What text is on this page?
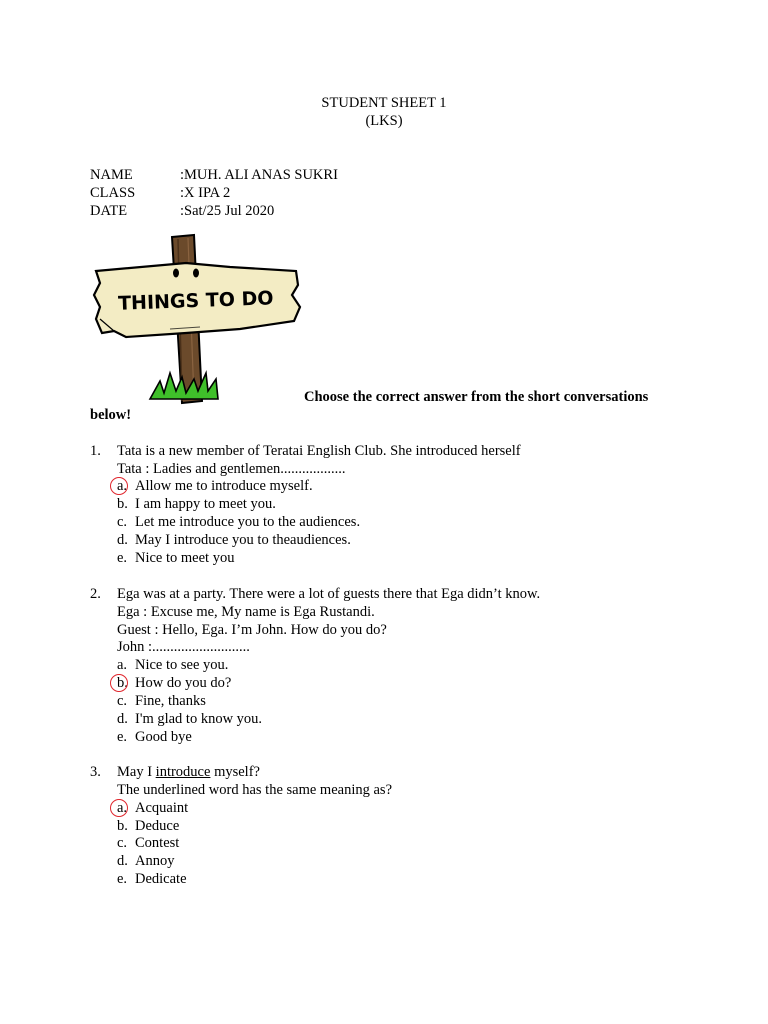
STUDENT SHEET 1
(LKS)
NAME	:MUH. ALI ANAS SUKRI
CLASS	:X IPA 2
DATE	:Sat/25 Jul 2020
THINGS TO DO
Choose the correct answer from the short conversations
below!
1. Tata is a new member of Teratai English Club. She introduced herself
Tata : Ladies and gentlemen..................
a. Allow me to introduce myself.
b. I am happy to meet you.
c. Let me introduce you to the audiences.
d. May I introduce you to theaudiences.
e. Nice to meet you
2. Ega was at a party. There were a lot of guests there that Ega didn’t know.
Ega : Excuse me, My name is Ega Rustandi.
Guest : Hello, Ega. I’m John. How do you do?
John :...........................
a. Nice to see you.
b. How do you do?
c. Fine, thanks
d. I'm glad to know you.
e. Good bye
3. May I introduce myself?
The underlined word has the same meaning as?
a. Acquaint
b. Deduce
c. Contest
d. Annoy
e. Dedicate
